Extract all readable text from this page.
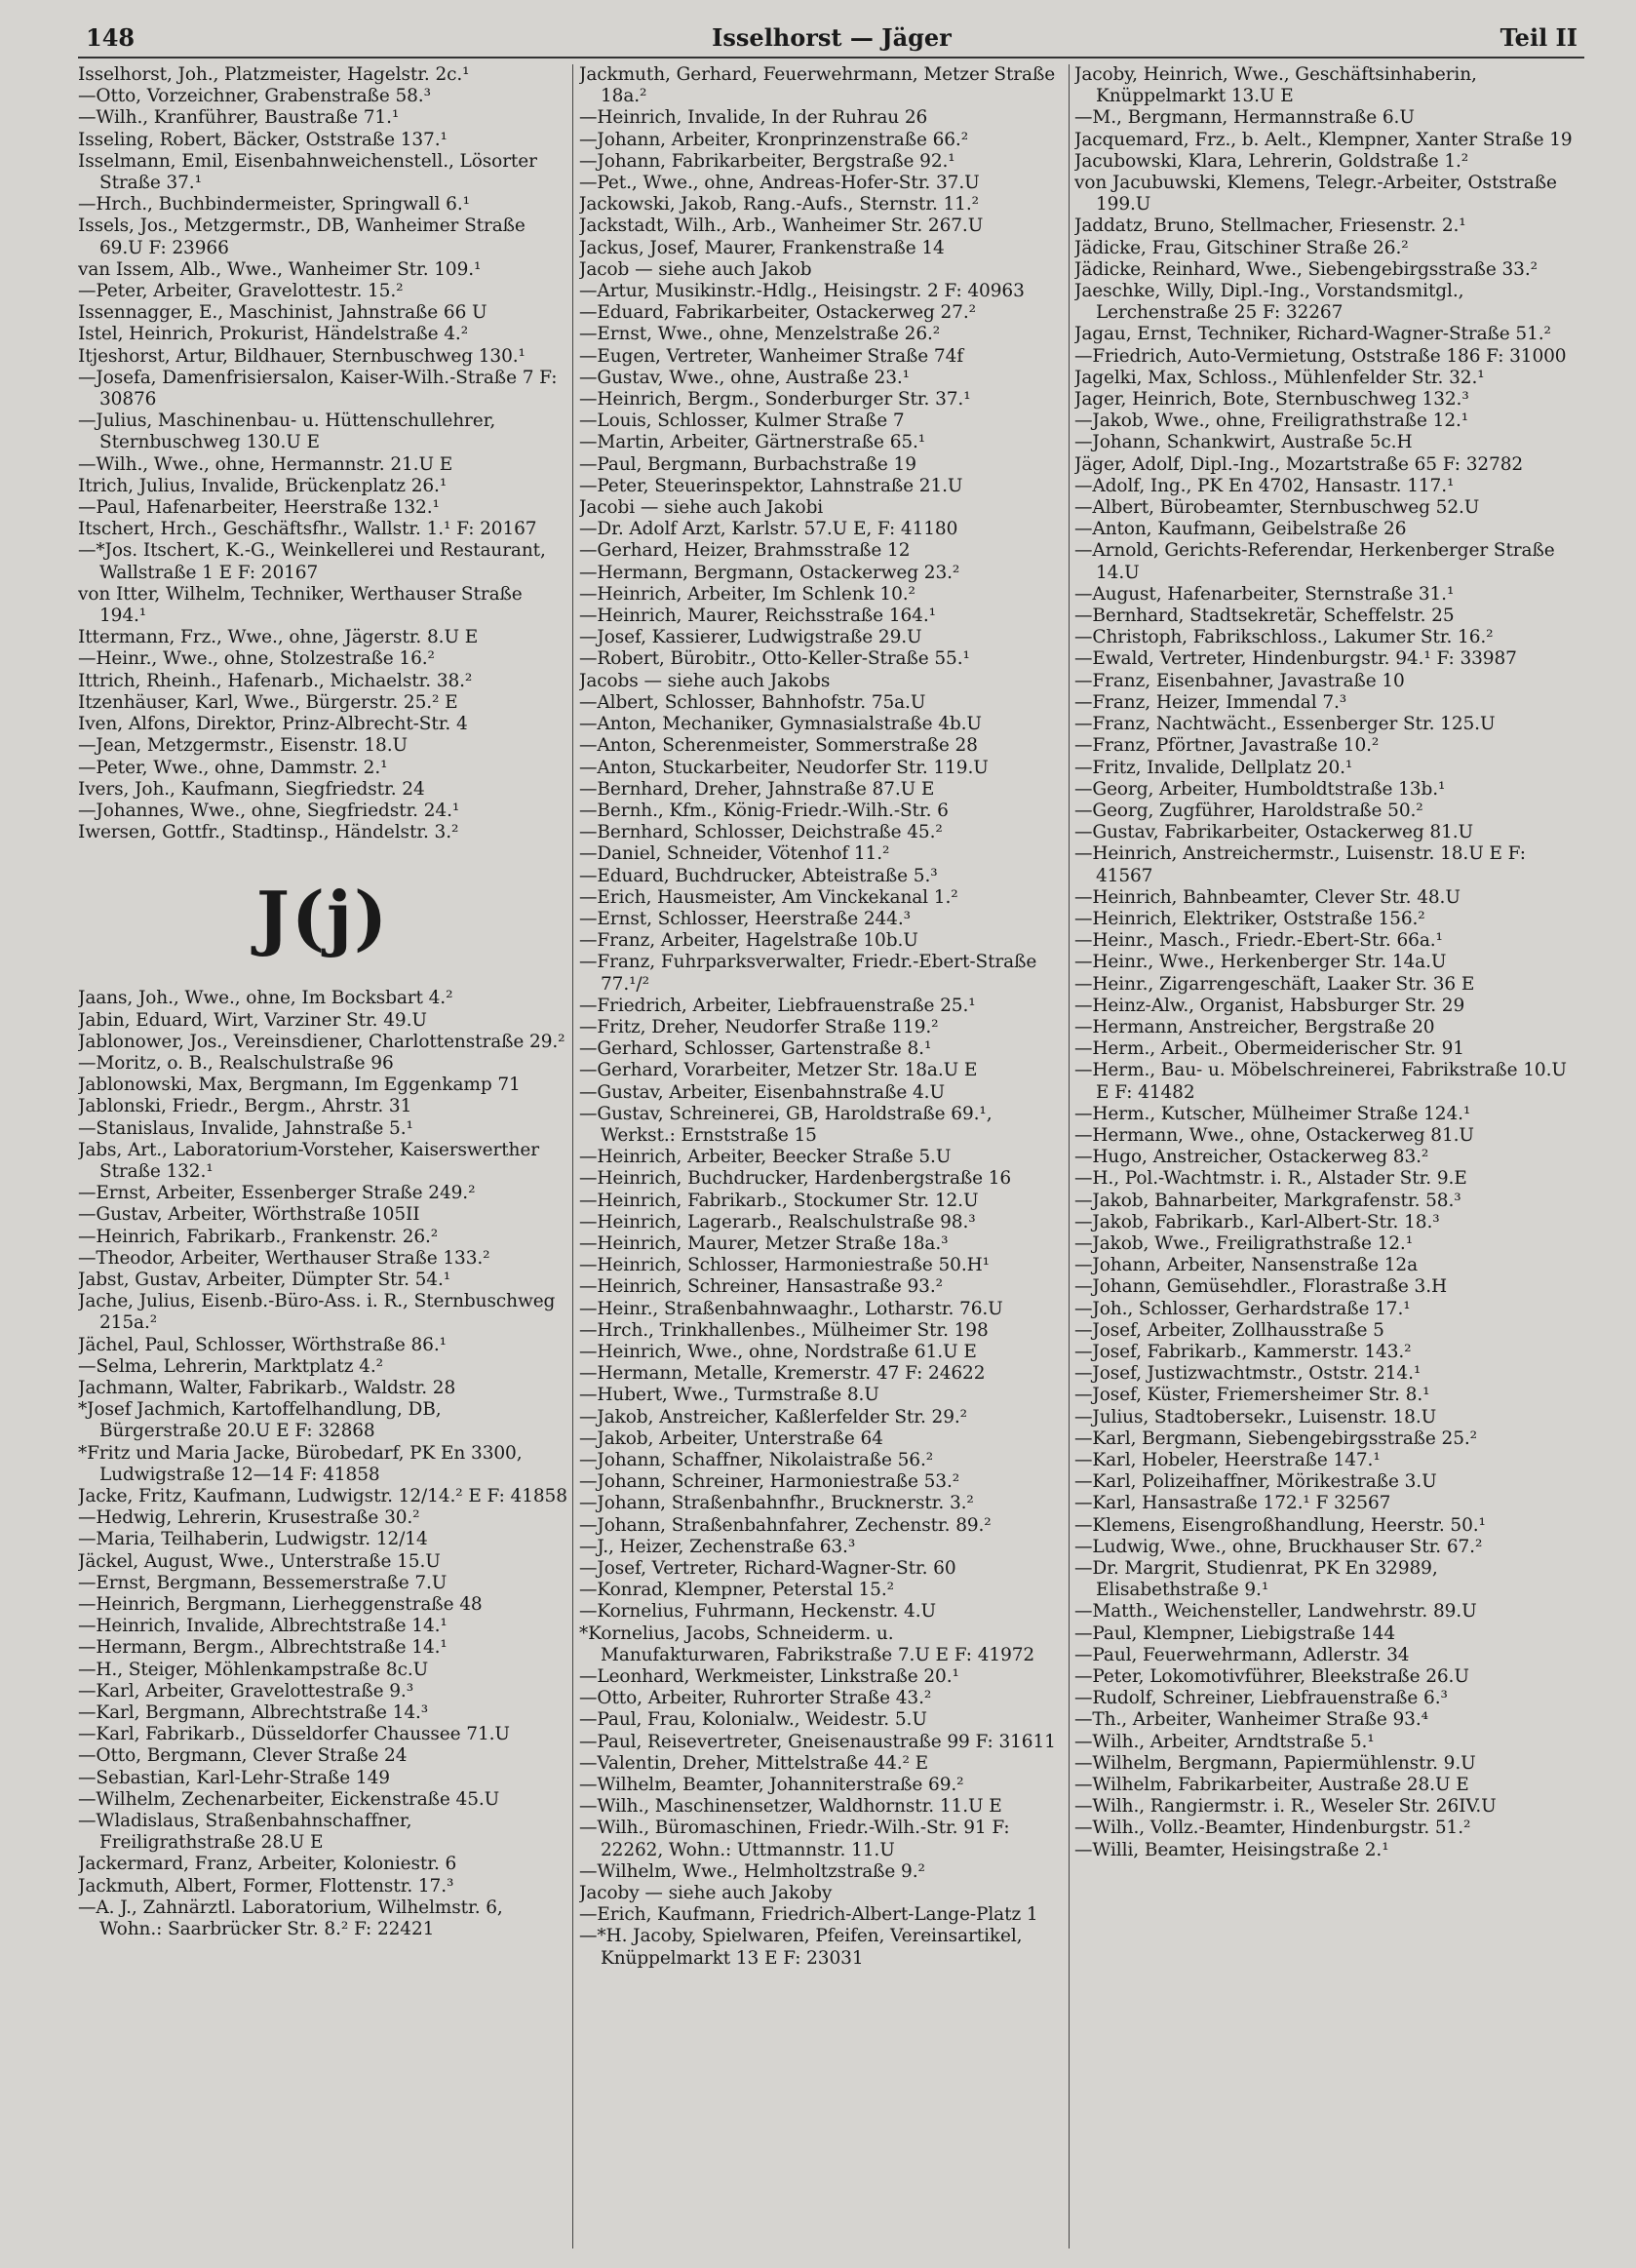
148	Isselhorst — Jäger	Teil II
Isselhorst, Joh., Platzmeister, Hagelstr. 2c.¹
—Otto, Vorzeichner, Grabenstraße 58.³
—Wilh., Kranführer, Baustraße 71.¹
Isseling, Robert, Bäcker, Oststraße 137.¹
Isselmann, Emil, Eisenbahnweichenstell., Lösorter Straße 37.¹
—Hrch., Buchbindermeister, Springwall 6.¹
Issels, Jos., Metzgermstr., DB, Wanheimer Straße 69.U F: 23966
van Issem, Alb., Wwe., Wanheimer Str. 109.¹
—Peter, Arbeiter, Gravelottestr. 15.²
Issennagger, E., Maschinist, Jahnstraße 66 U
Istel, Heinrich, Prokurist, Händelstraße 4.²
Itjeshorst, Artur, Bildhauer, Sternbuschweg 130.¹
—Josefa, Damenfrisiersalon, Kaiser-Wilh.-Straße 7 F: 30876
—Julius, Maschinenbau- u. Hüttenschullehrer, Sternbuschweg 130.U E
—Wilh., Wwe., ohne, Hermannstr. 21.U E
Itrich, Julius, Invalide, Brückenplatz 26.¹
—Paul, Hafenarbeiter, Heerstraße 132.¹
Itschert, Hrch., Geschäftsfhr., Wallstr. 1.¹ F: 20167
—*Jos. Itschert, K.-G., Weinkellerei und Restaurant, Wallstraße 1 E F: 20167
von Itter, Wilhelm, Techniker, Werthauser Straße 194.¹
Ittermann, Frz., Wwe., ohne, Jägerstr. 8.U E
—Heinr., Wwe., ohne, Stolzestraße 16.²
Ittrich, Rheinh., Hafenarb., Michaelstr. 38.²
Itzenhäuser, Karl, Wwe., Bürgerstr. 25.² E
Iven, Alfons, Direktor, Prinz-Albrecht-Str. 4
—Jean, Metzgermstr., Eisenstr. 18.U
—Peter, Wwe., ohne, Dammstr. 2.¹
Ivers, Joh., Kaufmann, Siegfriedstr. 24
—Johannes, Wwe., ohne, Siegfriedstr. 24.¹
Iwersen, Gottfr., Stadtinsp., Händelstr. 3.²
J(j)
Jaans, Joh., Wwe., ohne, Im Bocksbart 4.²
Jabin, Eduard, Wirt, Varziner Str. 49.U
Jablonower, Jos., Vereinsdiener, Charlottenstraße 29.²
—Moritz, o. B., Realschulstraße 96
Jablonowski, Max, Bergmann, Im Eggenkamp 71
Jablonski, Friedr., Bergm., Ahrstr. 31
—Stanislaus, Invalide, Jahnstraße 5.¹
Jabs, Art., Laboratorium-Vorsteher, Kaiserswerther Straße 132.¹
—Ernst, Arbeiter, Essenberger Straße 249.²
—Gustav, Arbeiter, Wörthstraße 105II
—Heinrich, Fabrikarb., Frankenstr. 26.²
—Theodor, Arbeiter, Werthauser Straße 133.²
Jabst, Gustav, Arbeiter, Dümpter Str. 54.¹
Jache, Julius, Eisenb.-Büro-Ass. i. R., Sternbuschweg 215a.²
Jächel, Paul, Schlosser, Wörthstraße 86.¹
—Selma, Lehrerin, Marktplatz 4.²
Jachmann, Walter, Fabrikarb., Waldstr. 28
*Josef Jachmich, Kartoffelhandlung, DB, Bürgerstraße 20.U E F: 32868
*Fritz und Maria Jacke, Bürobedarf, PK En 3300, Ludwigstraße 12—14 F: 41858
Jacke, Fritz, Kaufmann, Ludwigstr. 12/14.² E F: 41858
—Hedwig, Lehrerin, Krusestraße 30.²
—Maria, Teilhaberin, Ludwigstr. 12/14
Jäckel, August, Wwe., Unterstraße 15.U
—Ernst, Bergmann, Bessemerstraße 7.U
—Heinrich, Bergmann, Lierheggenstraße 48
—Heinrich, Invalide, Albrechtstraße 14.¹
—Hermann, Bergm., Albrechtstraße 14.¹
—H., Steiger, Möhlenkampstraße 8c.U
—Karl, Arbeiter, Gravelottestraße 9.³
—Karl, Bergmann, Albrechtstraße 14.³
—Karl, Fabrikarb., Düsseldorfer Chaussee 71.U
—Otto, Bergmann, Clever Straße 24
—Sebastian, Karl-Lehr-Straße 149
—Wilhelm, Zechenarbeiter, Eickenstraße 45.U
—Wladislaus, Straßenbahnschaffner, Freiligrathstraße 28.U E
Jackermard, Franz, Arbeiter, Koloniestr. 6
Jackmuth, Albert, Former, Flottenstr. 17.³
—A. J., Zahnärztl. Laboratorium, Wilhelmstr. 6, Wohn.: Saarbrücker Str. 8.² F: 22421
Jackmuth, Gerhard, Feuerwehrmann, Metzer Straße 18a.²
—Heinrich, Invalide, In der Ruhrau 26
—Johann, Arbeiter, Kronprinzenstraße 66.²
—Johann, Fabrikarbeiter, Bergstraße 92.¹
—Pet., Wwe., ohne, Andreas-Hofer-Str. 37.U
Jackowski, Jakob, Rang.-Aufs., Sternstr. 11.²
Jackstadt, Wilh., Arb., Wanheimer Str. 267.U
Jackus, Josef, Maurer, Frankenstraße 14
Jacob — siehe auch Jakob
—Artur, Musikinstr.-Hdlg., Heisingstr. 2 F: 40963
—Eduard, Fabrikarbeiter, Ostackerweg 27.²
—Ernst, Wwe., ohne, Menzelstraße 26.²
—Eugen, Vertreter, Wanheimer Straße 74f
—Gustav, Wwe., ohne, Austraße 23.¹
—Heinrich, Bergm., Sonderburger Str. 37.¹
—Louis, Schlosser, Kulmer Straße 7
—Martin, Arbeiter, Gärtnerstraße 65.¹
—Paul, Bergmann, Burbachstraße 19
—Peter, Steuerinspektor, Lahnstraße 21.U
Jacobi — siehe auch Jakobi
—Dr. Adolf Arzt, Karlstr. 57.U E, F: 41180
—Gerhard, Heizer, Brahmsstraße 12
—Hermann, Bergmann, Ostackerweg 23.²
—Heinrich, Arbeiter, Im Schlenk 10.²
—Heinrich, Maurer, Reichsstraße 164.¹
—Josef, Kassierer, Ludwigstraße 29.U
—Robert, Bürobitr., Otto-Keller-Straße 55.¹
Jacobs — siehe auch Jakobs
—Albert, Schlosser, Bahnhofstr. 75a.U
—Anton, Mechaniker, Gymnasialstraße 4b.U
—Anton, Scherenmeister, Sommerstraße 28
—Anton, Stuckarbeiter, Neudorfer Str. 119.U
—Bernhard, Dreher, Jahnstraße 87.U E
—Bernh., Kfm., König-Friedr.-Wilh.-Str. 6
—Bernhard, Schlosser, Deichstraße 45.²
—Daniel, Schneider, Vötenhof 11.²
—Eduard, Buchdrucker, Abteistraße 5.³
—Erich, Hausmeister, Am Vinckekanal 1.²
—Ernst, Schlosser, Heerstraße 244.³
—Franz, Arbeiter, Hagelstraße 10b.U
—Franz, Fuhrparksverwalter, Friedr.-Ebert-Straße 77.¹/²
—Friedrich, Arbeiter, Liebfrauenstraße 25.¹
—Fritz, Dreher, Neudorfer Straße 119.²
—Gerhard, Schlosser, Gartenstraße 8.¹
—Gerhard, Vorarbeiter, Metzer Str. 18a.U E
—Gustav, Arbeiter, Eisenbahnstraße 4.U
—Gustav, Schreinerei, GB, Haroldstraße 69.¹, Werkst.: Ernststraße 15
—Heinrich, Arbeiter, Beecker Straße 5.U
—Heinrich, Buchdrucker, Hardenbergstraße 16
—Heinrich, Fabrikarb., Stockumer Str. 12.U
—Heinrich, Lagerarb., Realschulstraße 98.³
—Heinrich, Maurer, Metzer Straße 18a.³
—Heinrich, Schlosser, Harmoniestraße 50.H¹
—Heinrich, Schreiner, Hansastraße 93.²
—Heinr., Straßenbahnwaaghr., Lotharstr. 76.U
—Hrch., Trinkhallenbes., Mülheimer Str. 198
—Heinrich, Wwe., ohne, Nordstraße 61.U E
—Hermann, Metalle, Kremerstr. 47 F: 24622
—Hubert, Wwe., Turmstraße 8.U
—Jakob, Anstreicher, Kaßlerfelder Str. 29.²
—Jakob, Arbeiter, Unterstraße 64
—Johann, Schaffner, Nikolaistraße 56.²
—Johann, Schreiner, Harmoniestraße 53.²
—Johann, Straßenbahnfhr., Brucknerstr. 3.²
—Johann, Straßenbahnfahrer, Zechenstr. 89.²
—J., Heizer, Zechenstraße 63.³
—Josef, Vertreter, Richard-Wagner-Str. 60
—Konrad, Klempner, Peterstal 15.²
—Kornelius, Fuhrmann, Heckenstr. 4.U
*Kornelius, Jacobs, Schneiderm. u. Manufakturwaren, Fabrikstraße 7.U E F: 41972
—Leonhard, Werkmeister, Linkstraße 20.¹
—Otto, Arbeiter, Ruhrorter Straße 43.²
—Paul, Frau, Kolonialw., Weidestr. 5.U
—Paul, Reisevertreter, Gneisenaustraße 99 F: 31611
—Valentin, Dreher, Mittelstraße 44.² E
—Wilhelm, Beamter, Johanniterstraße 69.²
—Wilh., Maschinensetzer, Waldhornstr. 11.U E
—Wilh., Büromaschinen, Friedr.-Wilh.-Str. 91 F: 22262, Wohn.: Uttmannstr. 11.U
—Wilhelm, Wwe., Helmholtzstraße 9.²
Jacoby — siehe auch Jakoby
—Erich, Kaufmann, Friedrich-Albert-Lange-Platz 1
—*H. Jacoby, Spielwaren, Pfeifen, Vereinsartikel, Knüppelmarkt 13 E F: 23031
Jacoby, Heinrich, Wwe., Geschäftsinhaberin, Knüppelmarkt 13.U E
—M., Bergmann, Hermannstraße 6.U
Jacquemard, Frz., b. Aelt., Klempner, Xanter Straße 19
Jacubowski, Klara, Lehrerin, Goldstraße 1.²
von Jacubuwski, Klemens, Telegr.-Arbeiter, Oststraße 199.U
Jaddatz, Bruno, Stellmacher, Friesenstr. 2.¹
Jädicke, Frau, Gitschiner Straße 26.²
Jädicke, Reinhard, Wwe., Siebengebirgsstraße 33.²
Jaeschke, Willy, Dipl.-Ing., Vorstandsmitgl., Lerchenstraße 25 F: 32267
Jagau, Ernst, Techniker, Richard-Wagner-Straße 51.²
—Friedrich, Auto-Vermietung, Oststraße 186 F: 31000
Jagelki, Max, Schloss., Mühlenfelder Str. 32.¹
Jager, Heinrich, Bote, Sternbuschweg 132.³
—Jakob, Wwe., ohne, Freiligrathstraße 12.¹
—Johann, Schankwirt, Austraße 5c.H
Jäger, Adolf, Dipl.-Ing., Mozartstraße 65 F: 32782
—Adolf, Ing., PK En 4702, Hansastr. 117.¹
—Albert, Bürobeamter, Sternbuschweg 52.U
—Anton, Kaufmann, Geibelstraße 26
—Arnold, Gerichts-Referendar, Herkenberger Straße 14.U
—August, Hafenarbeiter, Sternstraße 31.¹
—Bernhard, Stadtsekretär, Scheffelstr. 25
—Christoph, Fabrikschloss., Lakumer Str. 16.²
—Ewald, Vertreter, Hindenburgstr. 94.¹ F: 33987
—Franz, Eisenbahner, Javastraße 10
—Franz, Heizer, Immendal 7.³
—Franz, Nachtwächt., Essenberger Str. 125.U
—Franz, Pförtner, Javastraße 10.²
—Fritz, Invalide, Dellplatz 20.¹
—Georg, Arbeiter, Humboldtstraße 13b.¹
—Georg, Zugführer, Haroldstraße 50.²
—Gustav, Fabrikarbeiter, Ostackerweg 81.U
—Heinrich, Anstreichermstr., Luisenstr. 18.U E F: 41567
—Heinrich, Bahnbeamter, Clever Str. 48.U
—Heinrich, Elektriker, Oststraße 156.²
—Heinr., Masch., Friedr.-Ebert-Str. 66a.¹
—Heinr., Wwe., Herkenberger Str. 14a.U
—Heinr., Zigarrengeschäft, Laaker Str. 36 E
—Heinz-Alw., Organist, Habsburger Str. 29
—Hermann, Anstreicher, Bergstraße 20
—Herm., Arbeit., Obermeiderischer Str. 91
—Herm., Bau- u. Möbelschreinerei, Fabrikstraße 10.U E F: 41482
—Herm., Kutscher, Mülheimer Straße 124.¹
—Hermann, Wwe., ohne, Ostackerweg 81.U
—Hugo, Anstreicher, Ostackerweg 83.²
—H., Pol.-Wachtmstr. i. R., Alstader Str. 9.E
—Jakob, Bahnarbeiter, Markgrafenstr. 58.³
—Jakob, Fabrikarb., Karl-Albert-Str. 18.³
—Jakob, Wwe., Freiligrathstraße 12.¹
—Johann, Arbeiter, Nansenstraße 12a
—Johann, Gemüsehdler., Florastraße 3.H
—Joh., Schlosser, Gerhardstraße 17.¹
—Josef, Arbeiter, Zollhausstraße 5
—Josef, Fabrikarb., Kammerstr. 143.²
—Josef, Justizwachtmstr., Oststr. 214.¹
—Josef, Küster, Friemersheimer Str. 8.¹
—Julius, Stadtobersekr., Luisenstr. 18.U
—Karl, Bergmann, Siebengebirgsstraße 25.²
—Karl, Hobeler, Heerstraße 147.¹
—Karl, Polizeihaffner, Mörikestraße 3.U
—Karl, Hansastraße 172.¹ F 32567
—Klemens, Eisengroßhandlung, Heerstr. 50.¹
—Ludwig, Wwe., ohne, Bruckhauser Str. 67.²
—Dr. Margrit, Studienrat, PK En 32989, Elisabethstraße 9.¹
—Matth., Weichensteller, Landwehrstr. 89.U
—Paul, Klempner, Liebigstraße 144
—Paul, Feuerwehrmann, Adlerstr. 34
—Peter, Lokomotivführer, Bleekstraße 26.U
—Rudolf, Schreiner, Liebfrauenstraße 6.³
—Th., Arbeiter, Wanheimer Straße 93.⁴
—Wilh., Arbeiter, Arndtstraße 5.¹
—Wilhelm, Bergmann, Papiermühlenstr. 9.U
—Wilhelm, Fabrikarbeiter, Austraße 28.U E
—Wilh., Rangiermstr. i. R., Weseler Str. 26IV.U
—Wilh., Vollz.-Beamter, Hindenburgstr. 51.²
—Willi, Beamter, Heisingstraße 2.¹
